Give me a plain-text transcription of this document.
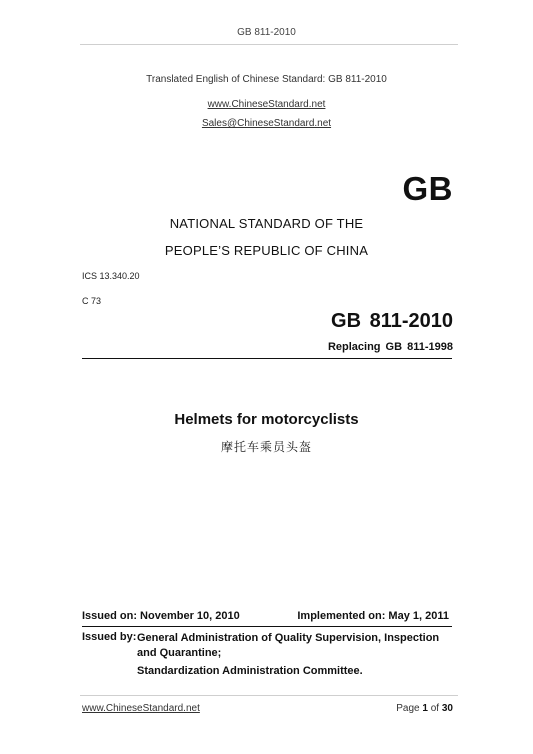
GB 811-2010
Translated English of Chinese Standard: GB 811-2010
www.ChineseStandard.net
Sales@ChineseStandard.net
GB
NATIONAL STANDARD OF THE
PEOPLE’S REPUBLIC OF CHINA
ICS 13.340.20
C 73
GB 811-2010
Replacing GB 811-1998
Helmets for motorcyclists
摩托车乘员头盔
Issued on: November 10, 2010	Implemented on: May 1, 2011
Issued by: General Administration of Quality Supervision, Inspection and Quarantine;
Standardization Administration Committee.
www.ChineseStandard.net	Page 1 of 30
